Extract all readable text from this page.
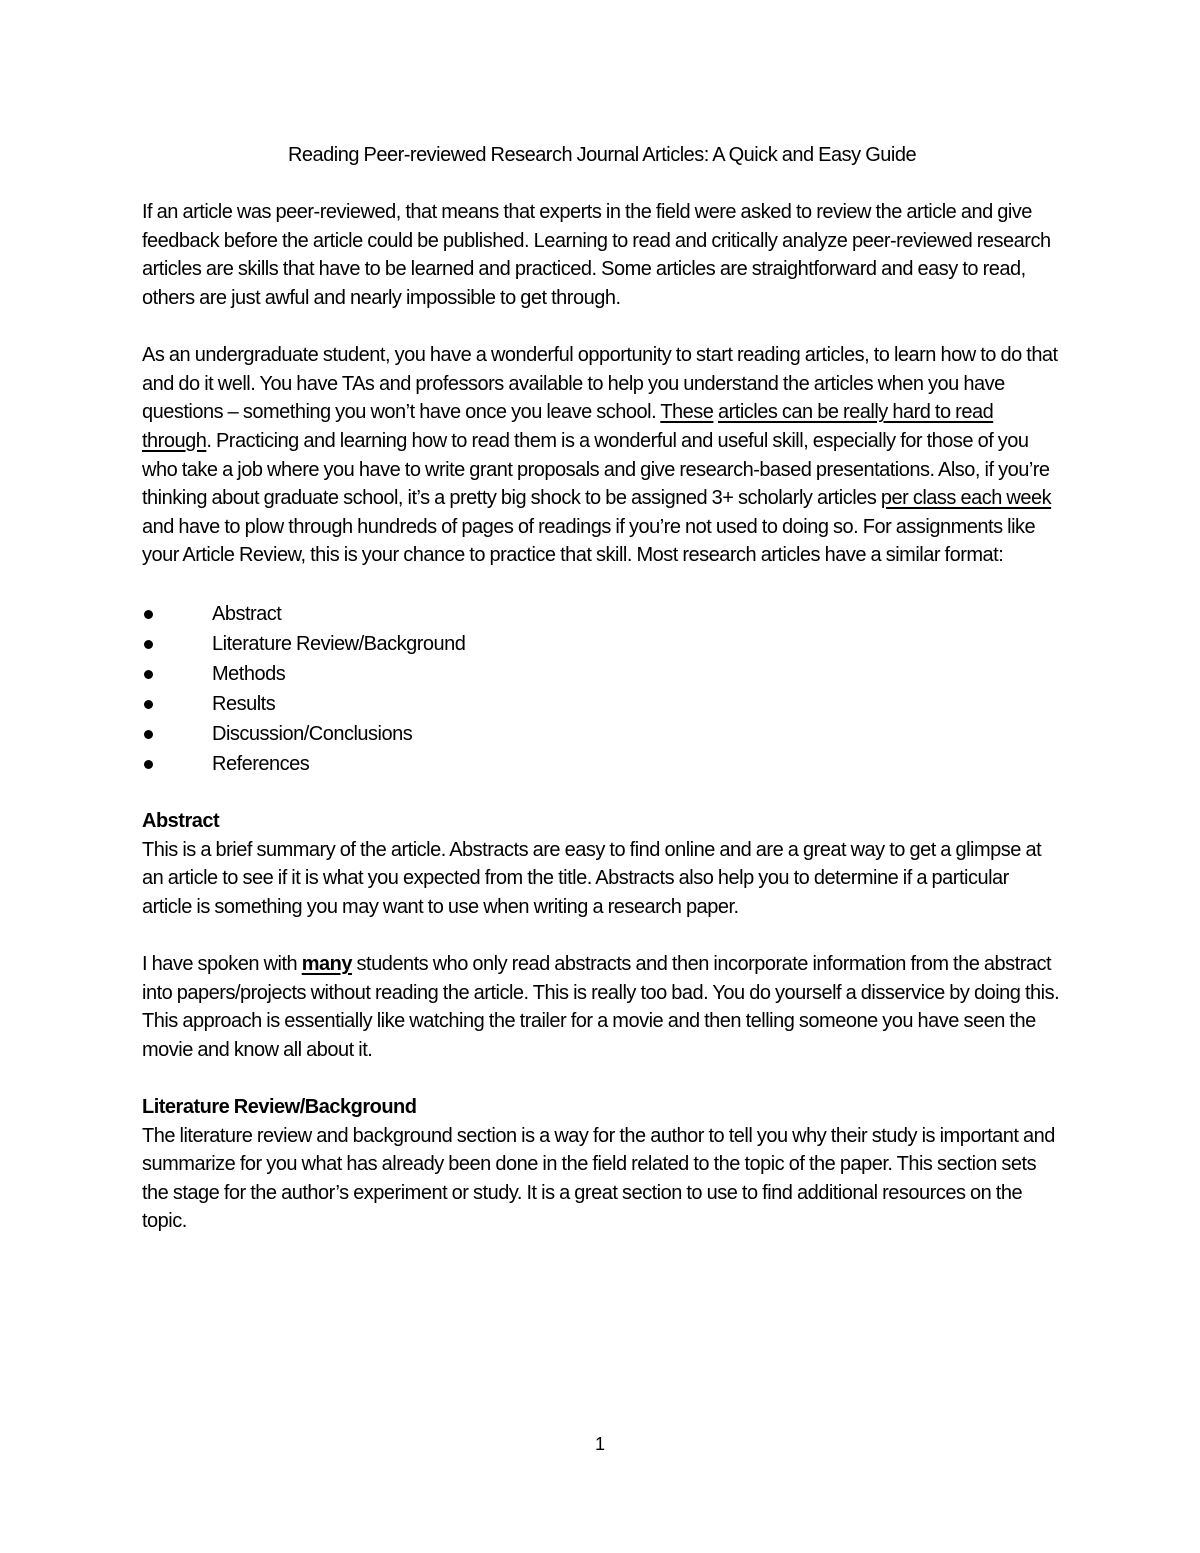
Reading Peer-reviewed Research Journal Articles: A Quick and Easy Guide

If an article was peer-reviewed, that means that experts in the field were asked to review the article and give feedback before the article could be published. Learning to read and critically analyze peer-reviewed research articles are skills that have to be learned and practiced. Some articles are straightforward and easy to read, others are just awful and nearly impossible to get through.

As an undergraduate student, you have a wonderful opportunity to start reading articles, to learn how to do that and do it well. You have TAs and professors available to help you understand the articles when you have questions – something you won’t have once you leave school. These articles can be really hard to read through. Practicing and learning how to read them is a wonderful and useful skill, especially for those of you who take a job where you have to write grant proposals and give research-based presentations. Also, if you’re thinking about graduate school, it’s a pretty big shock to be assigned 3+ scholarly articles per class each week and have to plow through hundreds of pages of readings if you’re not used to doing so. For assignments like your Article Review, this is your chance to practice that skill. Most research articles have a similar format:

Abstract
Literature Review/Background
Methods
Results
Discussion/Conclusions
References
Abstract

This is a brief summary of the article. Abstracts are easy to find online and are a great way to get a glimpse at an article to see if it is what you expected from the title. Abstracts also help you to determine if a particular article is something you may want to use when writing a research paper.

I have spoken with many students who only read abstracts and then incorporate information from the abstract into papers/projects without reading the article. This is really too bad. You do yourself a disservice by doing this. This approach is essentially like watching the trailer for a movie and then telling someone you have seen the movie and know all about it.

Literature Review/Background

The literature review and background section is a way for the author to tell you why their study is important and summarize for you what has already been done in the field related to the topic of the paper. This section sets the stage for the author’s experiment or study. It is a great section to use to find additional resources on the topic.

1
